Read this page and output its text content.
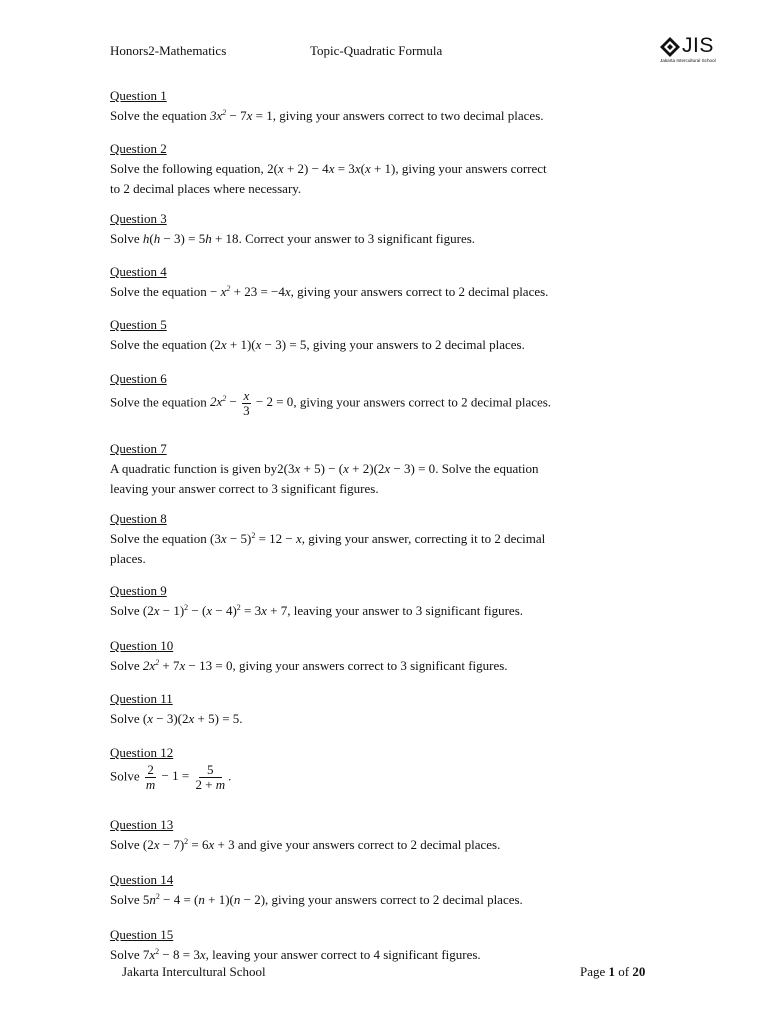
Honors2-Mathematics	Topic-Quadratic Formula	JIS
Jakarta Intercultural School
Question 1
Solve the equation $3x^2 - 7x = 1$, giving your answers correct to two decimal places.
Question 2
Solve the following equation, 2(x + 2) − 4x = 3x(x + 1), giving your answers correct
to 2 decimal places where necessary.
Question 3
Solve h(h − 3) = 5h + 18. Correct your answer to 3 significant figures.
Question 4
Solve the equation − $x^2 + 23 = -4x$, giving your answers correct to 2 decimal places.
Question 5
Solve the equation (2x + 1)(x − 3) = 5, giving your answers to 2 decimal places.
Question 6
Solve the equation $2x^2 - \frac{x}{3} - 2 = 0$, giving your answers correct to 2 decimal places.
Question 7
A quadratic function is given by2(3x + 5) − (x + 2)(2x − 3) = 0. Solve the equation
leaving your answer correct to 3 significant figures.
Question 8
Solve the equation $(3x - 5)^2 = 12 - x$, giving your answer, correcting it to 2 decimal
places.
Question 9
Solve $(2x - 1)^2 - (x - 4)^2 = 3x + 7$, leaving your answer to 3 significant figures.
Question 10
Solve $2x^2 + 7x - 13 = 0$, giving your answers correct to 3 significant figures.
Question 11
Solve (x − 3)(2x + 5) = 5.
Question 12
Solve $\frac{2}{m} - 1 = \frac{5}{2 + m}$ .
Question 13
Solve $(2x - 7)^2 = 6x + 3$ and give your answers correct to 2 decimal places.
Question 14
Solve $5n^2 - 4 = (n + 1)(n - 2)$, giving your answers correct to 2 decimal places.
Question 15
Solve $7x^2 - 8 = 3x$, leaving your answer correct to 4 significant figures.
Jakarta Intercultural School	Page 1 of 20
